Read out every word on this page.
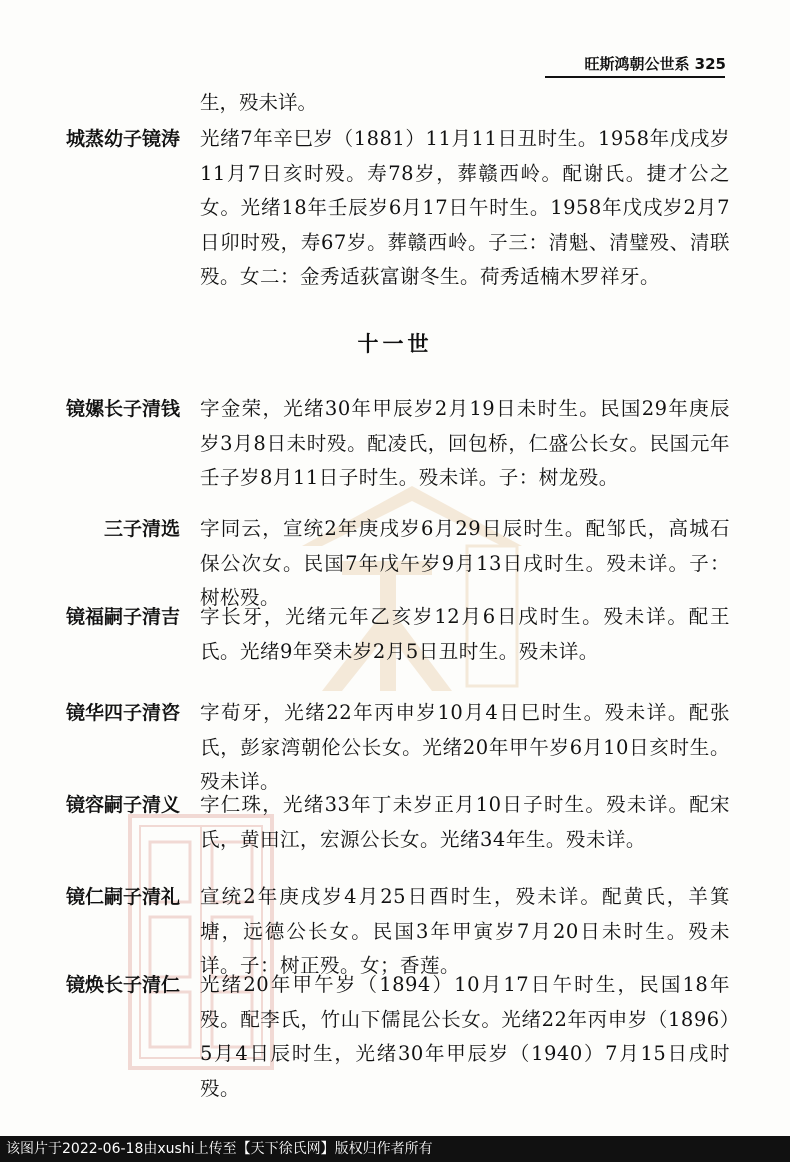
旺斯鸿朝公世系 325
生，殁未详。
城蒸幼子镜涛 光绪7年辛巳岁（1881）11月11日丑时生。1958年戊戌岁11月7日亥时殁。寿78岁，葬赣西岭。配谢氏。捷才公之女。光绪18年壬辰岁6月17日午时生。1958年戊戌岁2月7日卯时殁，寿67岁。葬赣西岭。子三：清魁、清璧殁、清联殁。女二：金秀适荻富谢冬生。荷秀适楠木罗祥牙。
十一世
镜嫘长子清钱 字金荣，光绪30年甲辰岁2月19日未时生。民国29年庚辰岁3月8日未时殁。配凌氏，回包桥，仁盛公长女。民国元年壬子岁8月11日子时生。殁未详。子：树龙殁。
三子清选 字同云，宣统2年庚戌岁6月29日辰时生。配邹氏，高城石保公次女。民国7年戊午岁9月13日戌时生。殁未详。子：树松殁。
镜福嗣子清吉 字长牙，光绪元年乙亥岁12月6日戌时生。殁未详。配王氏。光绪9年癸未岁2月5日丑时生。殁未详。
镜华四子清咨 字荀牙，光绪22年丙申岁10月4日巳时生。殁未详。配张氏，彭家湾朝伦公长女。光绪20年甲午岁6月10日亥时生。殁未详。
镜容嗣子清义 字仁珠，光绪33年丁未岁正月10日子时生。殁未详。配宋氏，黄田江，宏源公长女。光绪34年生。殁未详。
镜仁嗣子清礼 宣统2年庚戌岁4月25日酉时生，殁未详。配黄氏，羊箕塘，远德公长女。民国3年甲寅岁7月20日未时生。殁未详。子：树正殁。女；香莲。
镜焕长子清仁 光绪20年甲午岁（1894）10月17日午时生，民国18年殁。配李氏，竹山下儒昆公长女。光绪22年丙申岁（1896）5月4日辰时生，光绪30年甲辰岁（1940）7月15日戌时殁。
该图片于2022-06-18由xushi上传至【天下徐氏网】版权归作者所有
